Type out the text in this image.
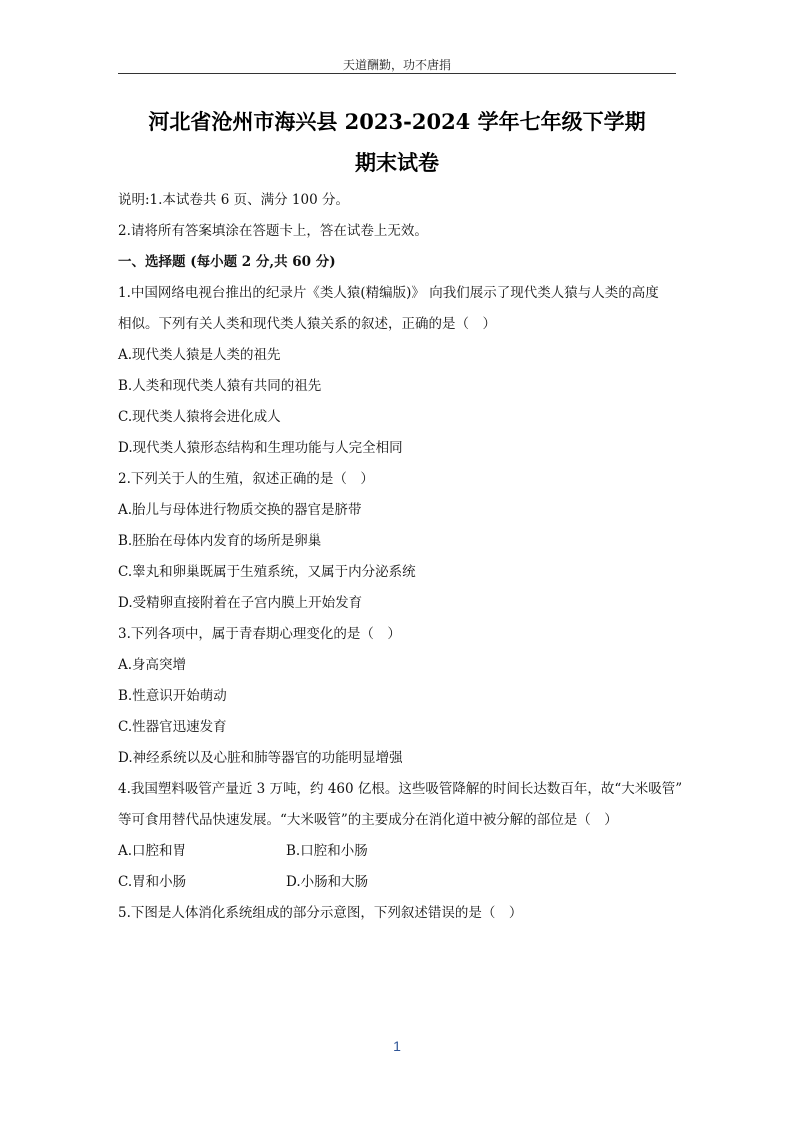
天道酬勤，功不唐捐
河北省沧州市海兴县 2023-2024 学年七年级下学期
期末试卷

说明:1.本试卷共 6 页、满分 100 分。

2.请将所有答案填涂在答题卡上，答在试卷上无效。

一、选择题 (每小题 2 分,共 60 分)

1.中国网络电视台推出的纪录片《类人猿(精编版)》 向我们展示了现代类人猿与人类的高度

相似。下列有关人类和现代类人猿关系的叙述，正确的是（　）

A.现代类人猿是人类的祖先

B.人类和现代类人猿有共同的祖先

C.现代类人猿将会进化成人

D.现代类人猿形态结构和生理功能与人完全相同

2.下列关于人的生殖，叙述正确的是（　）

A.胎儿与母体进行物质交换的器官是脐带

B.胚胎在母体内发育的场所是卵巢

C.睾丸和卵巢既属于生殖系统，又属于内分泌系统

D.受精卵直接附着在子宫内膜上开始发育

3.下列各项中，属于青春期心理变化的是（　）

A.身高突增

B.性意识开始萌动

C.性器官迅速发育

D.神经系统以及心脏和肺等器官的功能明显增强

4.我国塑料吸管产量近 3 万吨，约 460 亿根。这些吸管降解的时间长达数百年，故“大米吸管”

等可食用替代品快速发展。“大米吸管”的主要成分在消化道中被分解的部位是（　）

A.口腔和胃	B.口腔和小肠

C.胃和小肠	D.小肠和大肠

5.下图是人体消化系统组成的部分示意图，下列叙述错误的是（　）

1
